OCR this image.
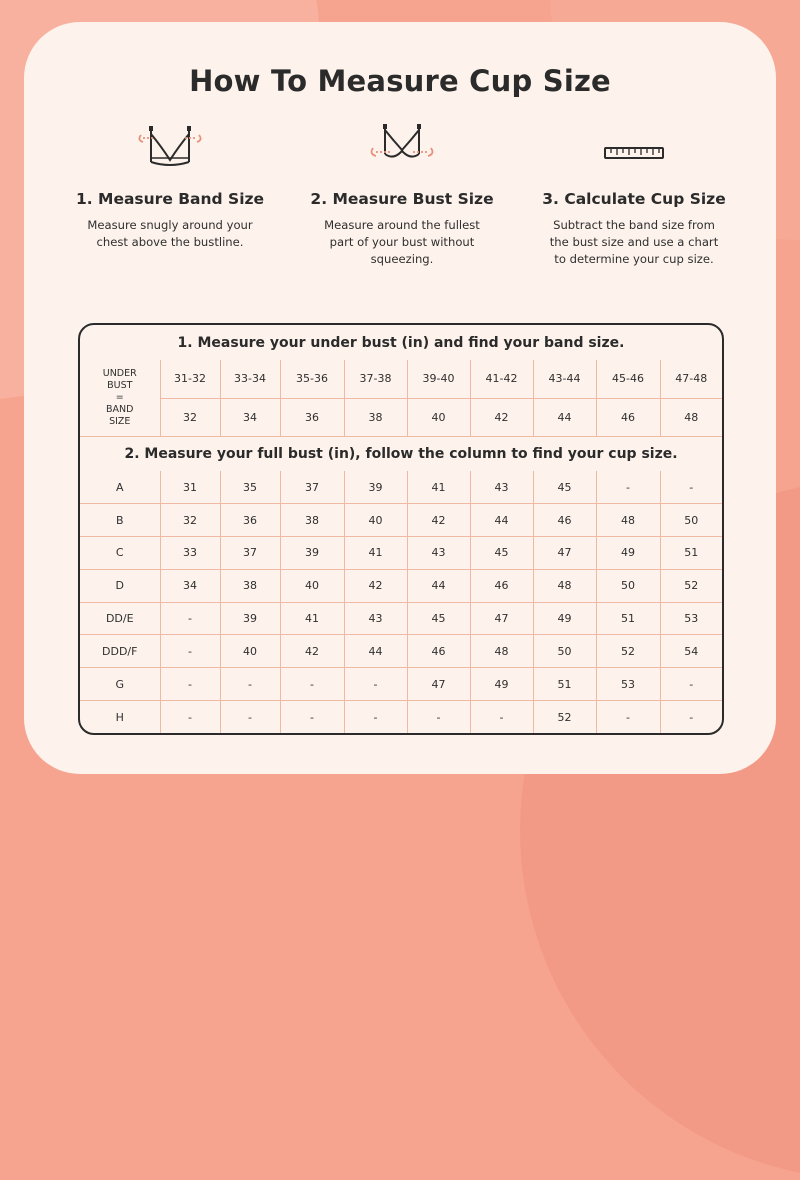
How To Measure Cup Size
1. Measure Band Size
Measure snugly around your
chest above the bustline.
2. Measure Bust Size
Measure around the fullest
part of your bust without
squeezing.
3. Calculate Cup Size
Subtract the band size from
the bust size and use a chart
to determine your cup size.
1. Measure your under bust (in) and find your band size.
UNDER
BUST
=
BAND
SIZE	31-32	33-34	35-36	37-38	39-40	41-42	43-44	45-46	47-48
	32	34	36	38	40	42	44	46	48
2. Measure your full bust (in), follow the column to find your cup size.
A	31	35	37	39	41	43	45	-	-
B	32	36	38	40	42	44	46	48	50
C	33	37	39	41	43	45	47	49	51
D	34	38	40	42	44	46	48	50	52
DD/E	-	39	41	43	45	47	49	51	53
DDD/F	-	40	42	44	46	48	50	52	54
G	-	-	-	-	47	49	51	53	-
H	-	-	-	-	-	-	52	-	-
